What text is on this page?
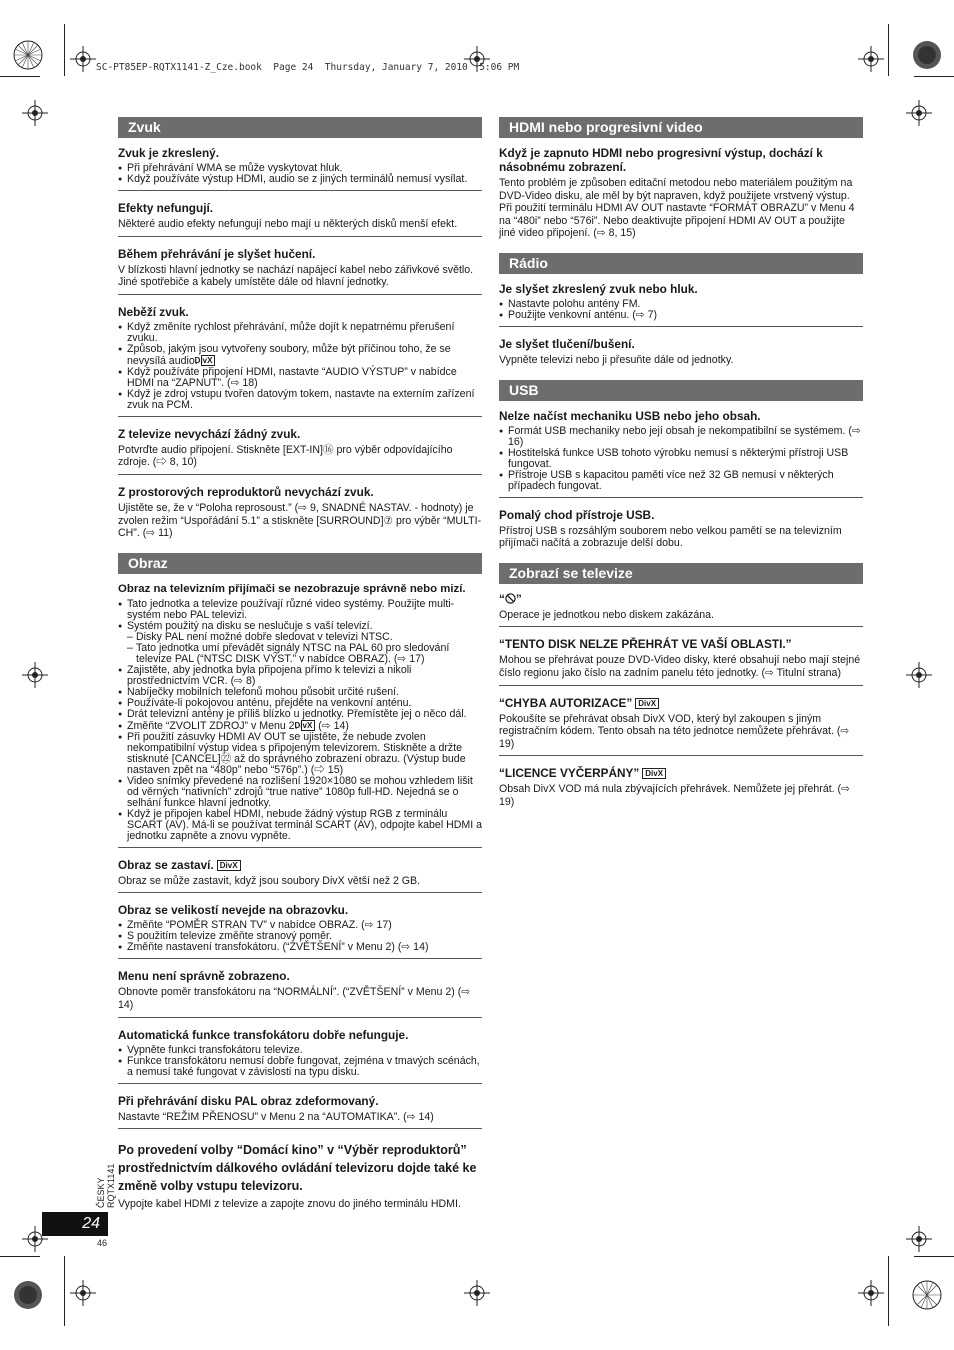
SC-PT85EP-RQTX1141-Z_Cze.book  Page 24  Thursday, January 7, 2010  5:06 PM
Zvuk
Zvuk je zkreslený.
● Při přehrávání WMA se může vyskytovat hluk.
● Když používáte výstup HDMI, audio se z jiných terminálů nemusí vysílat.
Efekty nefungují.
Některé audio efekty nefungují nebo mají u některých disků menší efekt.
Během přehrávání je slyšet hučení.
V blízkosti hlavní jednotky se nachází napájecí kabel nebo zářivkové světlo. Jiné spotřebiče a kabely umístěte dále od hlavní jednotky.
Neběží zvuk.
● Když změníte rychlost přehrávání, může dojít k nepatrnému přerušení zvuku.
● Způsob, jakým jsou vytvořeny soubory, může být příčinou toho, že se nevysílá audio.DivX
● Když používáte připojení HDMI, nastavte “AUDIO VÝSTUP” v nabídce HDMI na “ZAPNUT”. (⇨ 18)
● Když je zdroj vstupu tvořen datovým tokem, nastavte na externím zařízení zvuk na PCM.
Z televize nevychází žádný zvuk.
Potvrďte audio připojení. Stiskněte [EXT-IN]⑯ pro výběr odpovídajícího zdroje. (⇨ 8, 10)
Z prostorových reproduktorů nevychází zvuk.
Ujistěte se, že v “Poloha reprosoust.” (⇨ 9, SNADNÉ NASTAV. - hodnoty) je zvolen režim “Uspořádání 5.1” a stiskněte [SURROUND]⑦ pro výběr “MULTI-CH”. (⇨ 11)
Obraz
Obraz na televizním přijímači se nezobrazuje správně nebo mizí.
● Tato jednotka a televize používají různé video systémy. Použijte multi-systém nebo PAL televizi.
● Systém použitý na disku se neslučuje s vaší televizí.
– Disky PAL není možné dobře sledovat v televizi NTSC.
– Tato jednotka umí převádět signály NTSC na PAL 60 pro sledování televize PAL (“NTSC DISK VÝST.” v nabídce OBRAZ). (⇨ 17)
● Zajistěte, aby jednotka byla připojena přímo k televizi a nikoli prostřednictvím VCR. (⇨ 8)
● Nabíječky mobilních telefonů mohou působit určité rušení.
● Používáte-li pokojovou anténu, přejděte na venkovní anténu.
● Drát televizní antény je příliš blízko u jednotky. Přemístěte jej o něco dál.
● Změňte “ZVOLIT ZDROJ” v Menu 2.DivX (⇨ 14)
● Při použití zásuvky HDMI AV OUT se ujistěte, že nebude zvolen nekompatibilní výstup videa s připojeným televizorem. Stiskněte a držte stisknuté [CANCEL]㉒ až do správného zobrazení obrazu. (Výstup bude nastaven zpět na “480p” nebo “576p”.) (⇨ 15)
● Video snímky převedené na rozlišení 1920×1080 se mohou vzhledem lišit od věrných “nativních” zdrojů “true native” 1080p full-HD. Nejedná se o selhání funkce hlavní jednotky.
● Když je připojen kabel HDMI, nebude žádný výstup RGB z terminálu SCART (AV). Má-li se používat terminál SCART (AV), odpojte kabel HDMI a jednotku zapněte a znovu vypněte.
Obraz se zastaví. DivX
Obraz se může zastavit, když jsou soubory DivX větší než 2 GB.
Obraz se velikostí nevejde na obrazovku.
● Změňte “POMĚR STRAN TV” v nabídce OBRAZ. (⇨ 17)
● S použitím televize změňte stranový poměr.
● Změňte nastavení transfokátoru. (“ZVĚTŠENÍ” v Menu 2) (⇨ 14)
Menu není správně zobrazeno.
Obnovte poměr transfokátoru na “NORMÁLNÍ”. (“ZVĚTŠENÍ” v Menu 2) (⇨ 14)
Automatická funkce transfokátoru dobře nefunguje.
● Vypněte funkci transfokátoru televize.
● Funkce transfokátoru nemusí dobře fungovat, zejména v tmavých scénách, a nemusí také fungovat v závislosti na typu disku.
Při přehrávání disku PAL obraz zdeformovaný.
Nastavte “REŽIM PŘENOSU” v Menu 2 na “AUTOMATIKA”. (⇨ 14)
Po provedení volby “Domácí kino” v “Výběr reproduktorů” prostřednictvím dálkového ovládání televizoru dojde také ke změně volby vstupu televizoru.
Vypojte kabel HDMI z televize a zapojte znovu do jiného terminálu HDMI.
HDMI nebo progresivní video
Když je zapnuto HDMI nebo progresivní výstup, dochází k násobnému zobrazení.
Tento problém je způsoben editační metodou nebo materiálem použitým na DVD-Video disku, ale měl by být napraven, když použijete vrstvený výstup. Při použití terminálu HDMI AV OUT nastavte “FORMÁT OBRAZU” v Menu 4 na “480i” nebo “576i”. Nebo deaktivujte připojení HDMI AV OUT a použijte jiné video připojení. (⇨ 8, 15)
Rádio
Je slyšet zkreslený zvuk nebo hluk.
● Nastavte polohu antény FM.
● Použijte venkovní anténu. (⇨ 7)
Je slyšet tlučení/bušení.
Vypněte televizi nebo ji přesuňte dále od jednotky.
USB
Nelze načíst mechaniku USB nebo jeho obsah.
● Formát USB mechaniky nebo její obsah je nekompatibilní se systémem. (⇨ 16)
● Hostitelská funkce USB tohoto výrobku nemusí s některými přístroji USB fungovat.
● Přístroje USB s kapacitou paměti více než 32 GB nemusí v některých případech fungovat.
Pomalý chod přístroje USB.
Přístroj USB s rozsáhlým souborem nebo velkou pamětí se na televizním přijímači načítá a zobrazuje delší dobu.
Zobrazí se televize
“ ”
Operace je jednotkou nebo diskem zakázána.
“TENTO DISK NELZE PŘEHRÁT VE VAŠÍ OBLASTI.”
Mohou se přehrávat pouze DVD-Video disky, které obsahují nebo mají stejné číslo regionu jako číslo na zadním panelu této jednotky. (⇨ Titulní strana)
“CHYBA AUTORIZACE” DivX
Pokoušíte se přehrávat obsah DivX VOD, který byl zakoupen s jiným registračním kódem. Tento obsah na této jednotce nemůžete přehrávat. (⇨ 19)
“LICENCE VYČERPÁNY” DivX
Obsah DivX VOD má nula zbývajících přehrávek. Nemůžete jej přehrát. (⇨ 19)
ČESKY RQTX1141
24
46
